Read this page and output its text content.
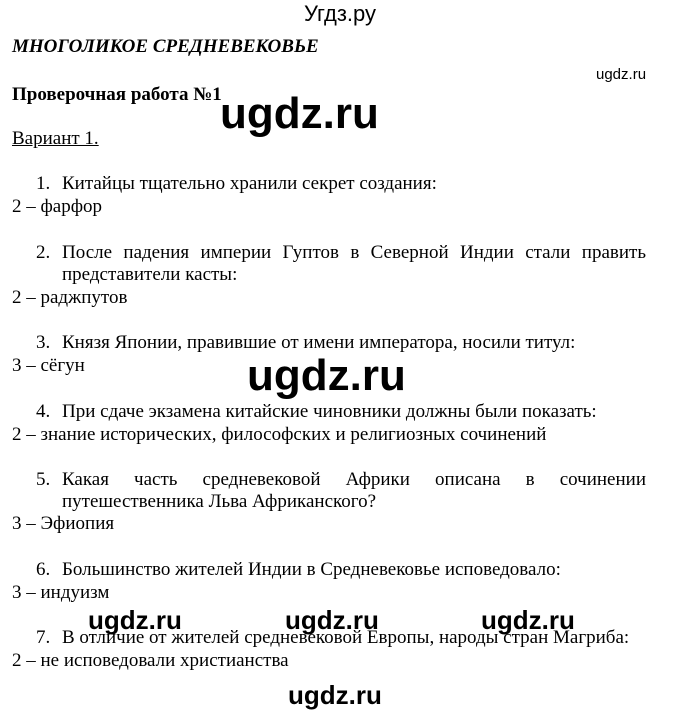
Угдз.ру
МНОГОЛИКОЕ СРЕДНЕВЕКОВЬЕ
ugdz.ru
Проверочная работа №1
ugdz.ru
Вариант 1.
1. Китайцы тщательно хранили секрет создания:
2 – фарфор
2. После падения империи Гуптов в Северной Индии стали править представители касты:
2 – раджпутов
3. Князя Японии, правившие от имени императора, носили титул:
3 – сёгун	ugdz.ru
4. При сдаче экзамена китайские чиновники должны были показать:
2 – знание исторических, философских и религиозных сочинений
5. Какая часть средневековой Африки описана в сочинении путешественника Льва Африканского?
3 – Эфиопия
6. Большинство жителей Индии в Средневековье исповедовало:
3 – индуизм
ugdz.ru	ugdz.ru	ugdz.ru
7. В отличие от жителей средневековой Европы, народы стран Магриба:
2 – не исповедовали христианства
ugdz.ru
